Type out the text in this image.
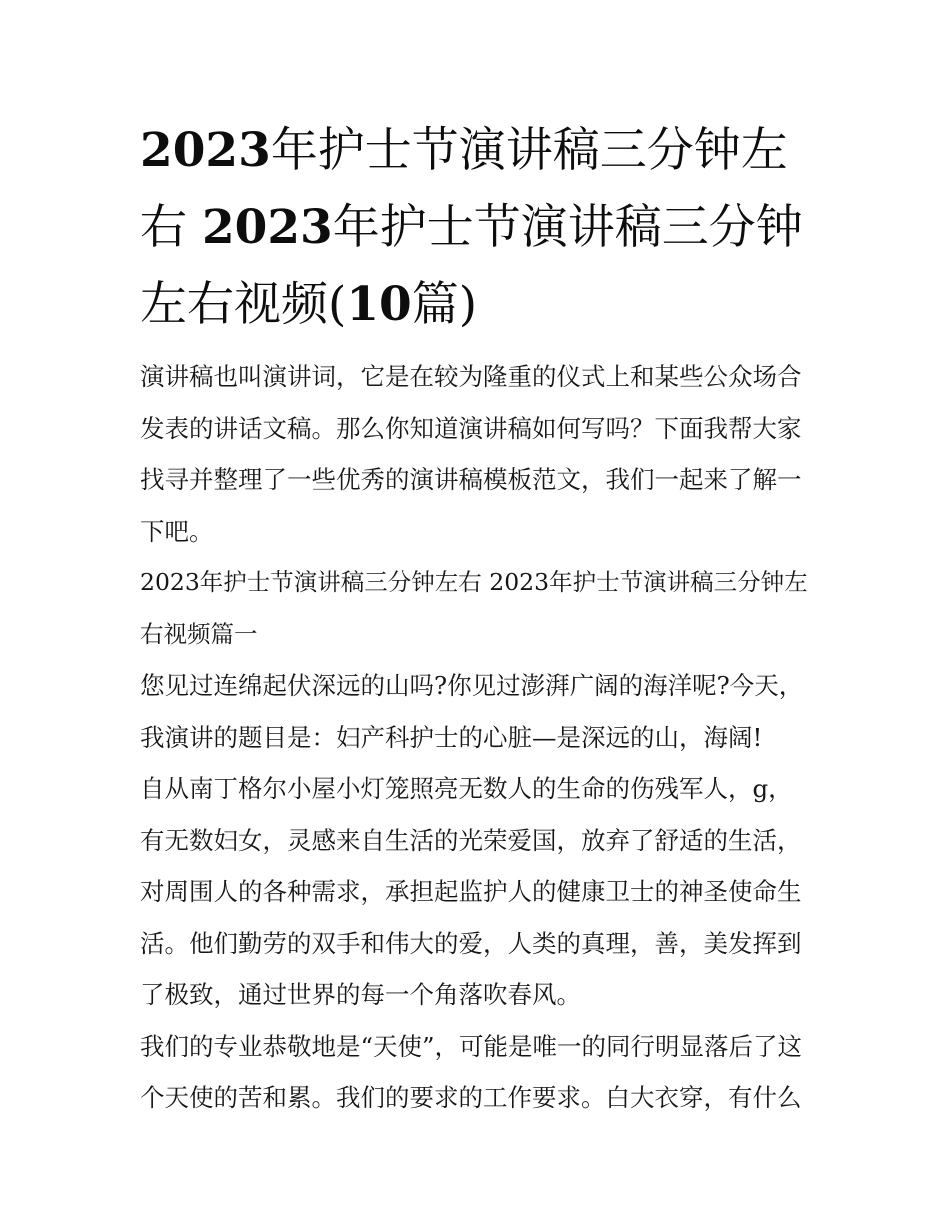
2023年护士节演讲稿三分钟左右 2023年护士节演讲稿三分钟左右视频(10篇)

演讲稿也叫演讲词，它是在较为隆重的仪式上和某些公众场合发表的讲话文稿。那么你知道演讲稿如何写吗？下面我帮大家找寻并整理了一些优秀的演讲稿模板范文，我们一起来了解一下吧。

2023年护士节演讲稿三分钟左右 2023年护士节演讲稿三分钟左右视频篇一

您见过连绵起伏深远的山吗?你见过澎湃广阔的海洋呢?今天，我演讲的题目是：妇产科护士的心脏—是深远的山，海阔!

自从南丁格尔小屋小灯笼照亮无数人的生命的伤残军人，g，有无数妇女，灵感来自生活的光荣爱国，放弃了舒适的生活，对周围人的各种需求，承担起监护人的健康卫士的神圣使命生活。他们勤劳的双手和伟大的爱，人类的真理，善，美发挥到了极致，通过世界的每一个角落吹春风。

我们的专业恭敬地是“天使”，可能是唯一的同行明显落后了这个天使的苦和累。我们的要求的工作要求。白大衣穿，有什么
